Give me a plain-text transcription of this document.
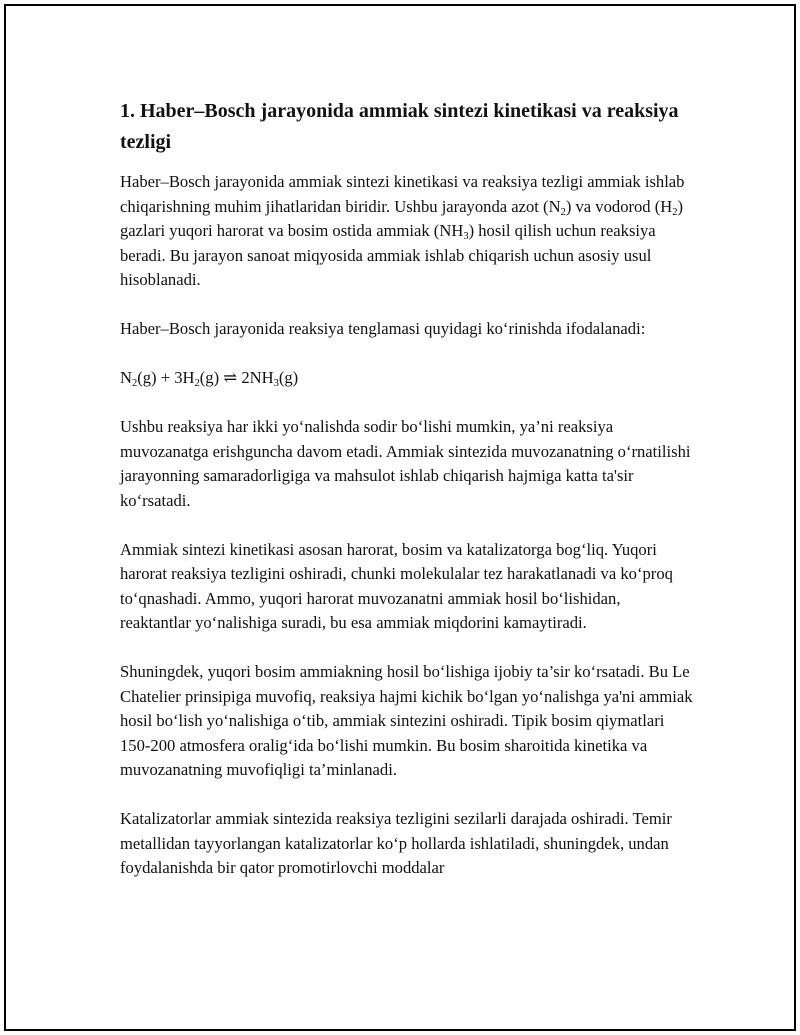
1. Haber–Bosch jarayonida ammiak sintezi kinetikasi va reaksiya tezligi

Haber–Bosch jarayonida ammiak sintezi kinetikasi va reaksiya tezligi ammiak ishlab chiqarishning muhim jihatlaridan biridir. Ushbu jarayonda azot $(N_2)$ va vodorod $(H_2)$ gazlari yuqori harorat va bosim ostida ammiak $(NH_3)$ hosil qilish uchun reaksiya beradi. Bu jarayon sanoat miqyosida ammiak ishlab chiqarish uchun asosiy usul hisoblanadi.

Haber–Bosch jarayonida reaksiya tenglamasi quyidagi ko‘rinishda ifodalanadi:

$N_2(g) + 3H_2(g)$ ⇌ $2NH_3(g)$

Ushbu reaksiya har ikki yo‘nalishda sodir bo‘lishi mumkin, ya’ni reaksiya muvozanatga erishguncha davom etadi. Ammiak sintezida muvozanatning o‘rnatilishi jarayonning samaradorligiga va mahsulot ishlab chiqarish hajmiga katta ta'sir ko‘rsatadi.

Ammiak sintezi kinetikasi asosan harorat, bosim va katalizatorga bog‘liq. Yuqori harorat reaksiya tezligini oshiradi, chunki molekulalar tez harakatlanadi va ko‘proq to‘qnashadi. Ammo, yuqori harorat muvozanatni ammiak hosil bo‘lishidan, reaktantlar yo‘nalishiga suradi, bu esa ammiak miqdorini kamaytiradi.

Shuningdek, yuqori bosim ammiakning hosil bo‘lishiga ijobiy ta’sir ko‘rsatadi. Bu Le Chatelier prinsipiga muvofiq, reaksiya hajmi kichik bo‘lgan yo‘nalishga ya'ni ammiak hosil bo‘lish yo‘nalishiga o‘tib, ammiak sintezini oshiradi. Tipik bosim qiymatlari 150-200 atmosfera oralig‘ida bo‘lishi mumkin. Bu bosim sharoitida kinetika va muvozanatning muvofiqligi ta’minlanadi.

Katalizatorlar ammiak sintezida reaksiya tezligini sezilarli darajada oshiradi. Temir metallidan tayyorlangan katalizatorlar ko‘p hollarda ishlatiladi, shuningdek, undan foydalanishda bir qator promotirlovchi moddalar
